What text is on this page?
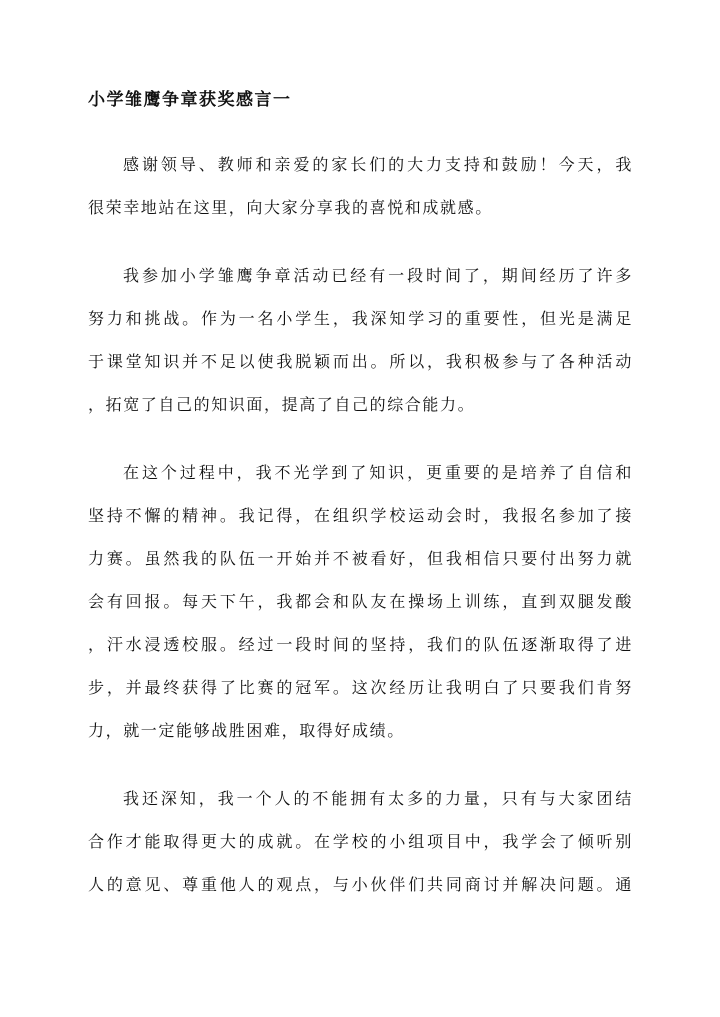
小学雏鹰争章获奖感言一

感谢领导、教师和亲爱的家长们的大力支持和鼓励！今天，我
很荣幸地站在这里，向大家分享我的喜悦和成就感。

我参加小学雏鹰争章活动已经有一段时间了，期间经历了许多
努力和挑战。作为一名小学生，我深知学习的重要性，但光是满足
于课堂知识并不足以使我脱颖而出。所以，我积极参与了各种活动
，拓宽了自己的知识面，提高了自己的综合能力。

在这个过程中，我不光学到了知识，更重要的是培养了自信和
坚持不懈的精神。我记得，在组织学校运动会时，我报名参加了接
力赛。虽然我的队伍一开始并不被看好，但我相信只要付出努力就
会有回报。每天下午，我都会和队友在操场上训练，直到双腿发酸
，汗水浸透校服。经过一段时间的坚持，我们的队伍逐渐取得了进
步，并最终获得了比赛的冠军。这次经历让我明白了只要我们肯努
力，就一定能够战胜困难，取得好成绩。

我还深知，我一个人的不能拥有太多的力量，只有与大家团结
合作才能取得更大的成就。在学校的小组项目中，我学会了倾听别
人的意见、尊重他人的观点，与小伙伴们共同商讨并解决问题。通
